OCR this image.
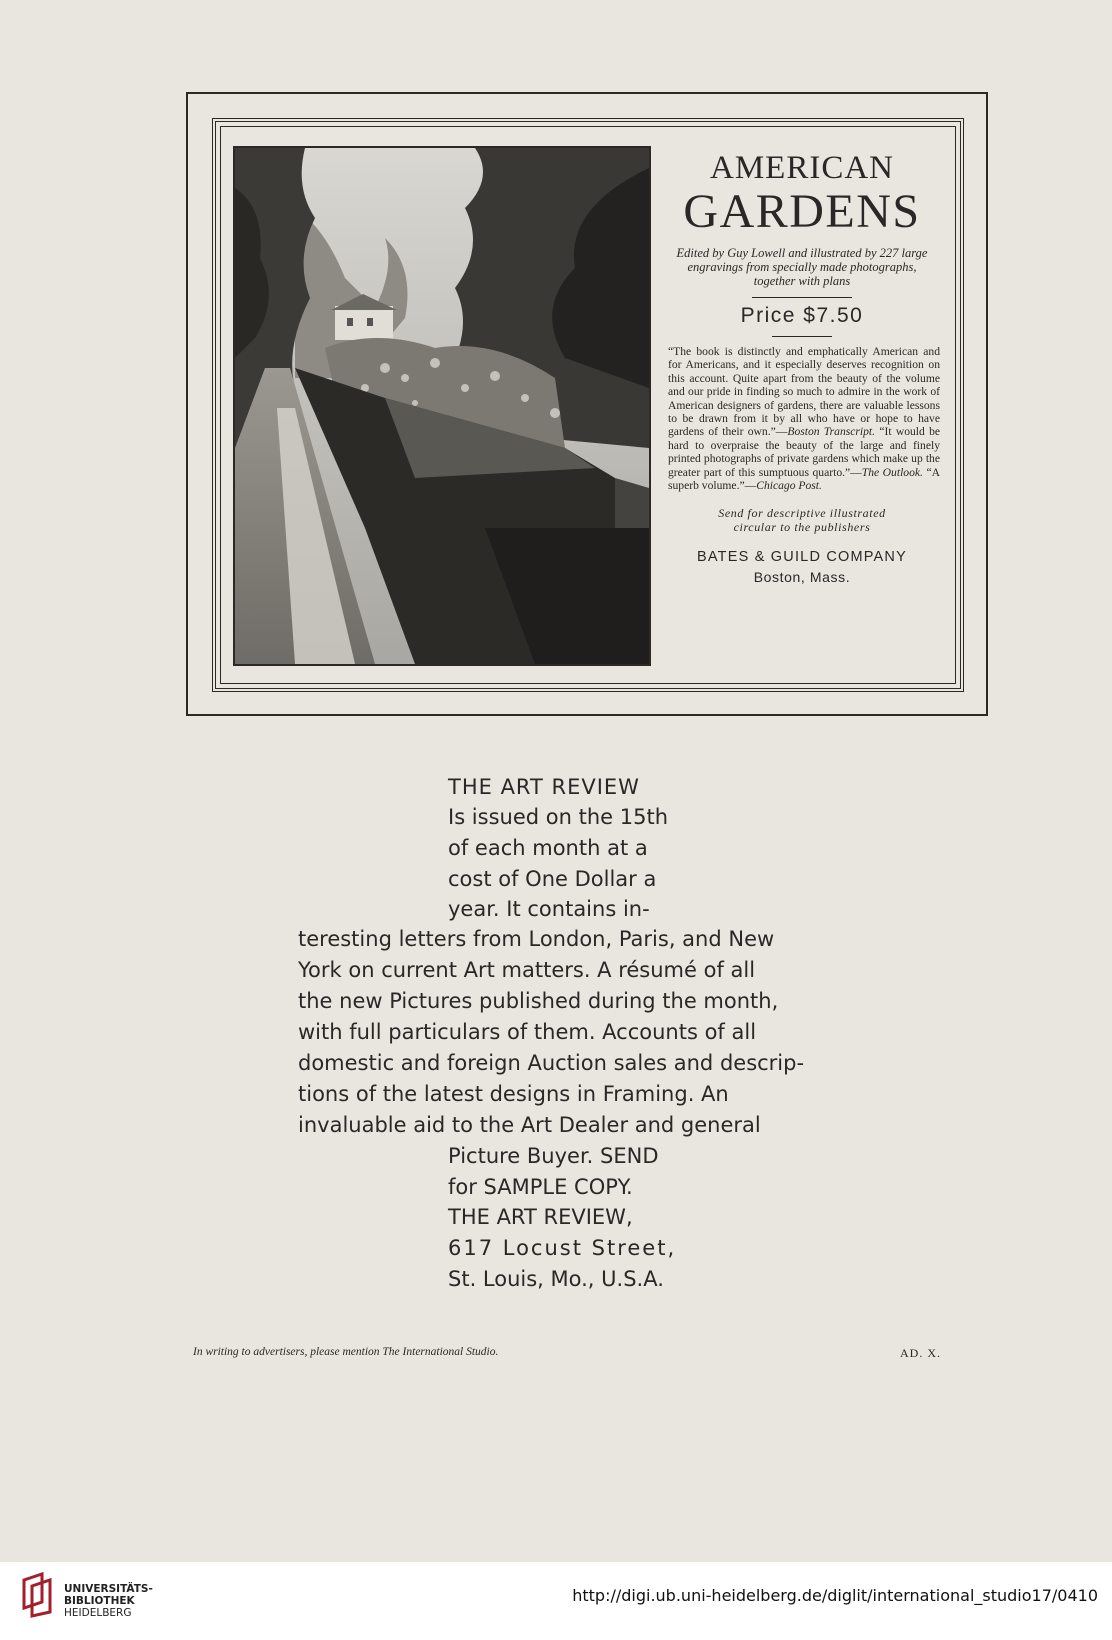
AMERICAN
GARDENS
Edited by Guy Lowell and illustrated by 227 large engravings from specially made photographs, together with plans
Price $7.50

“The book is distinctly and emphatically American and for Americans, and it especially deserves recognition on this account. Quite apart from the beauty of the volume and our pride in finding so much to admire in the work of American designers of gardens, there are valuable lessons to be drawn from it by all who have or hope to have gardens of their own.”—Boston Transcript. “It would be hard to overpraise the beauty of the large and finely printed photographs of private gardens which make up the greater part of this sumptuous quarto.”—The Outlook. “A superb volume.”—Chicago Post.

Send for descriptive illustrated
circular to the publishers
BATES & GUILD COMPANY
Boston, Mass.
THE ART REVIEW
Is issued on the 15th
of each month at a
cost of One Dollar a
year. It contains in-
teresting letters from London, Paris, and New
York on current Art matters. A résumé of all
the new Pictures published during the month,
with full particulars of them. Accounts of all
domestic and foreign Auction sales and descrip-
tions of the latest designs in Framing. An
invaluable aid to the Art Dealer and general
Picture Buyer. SEND
for SAMPLE COPY.
THE ART REVIEW,
617 Locust Street,
St. Louis, Mo., U.S.A.
In writing to advertisers, please mention The International Studio.	AD. X.
UNIVERSITÄTS-
BIBLIOTHEK
HEIDELBERG
http://digi.ub.uni-heidelberg.de/diglit/international_studio17/0410
